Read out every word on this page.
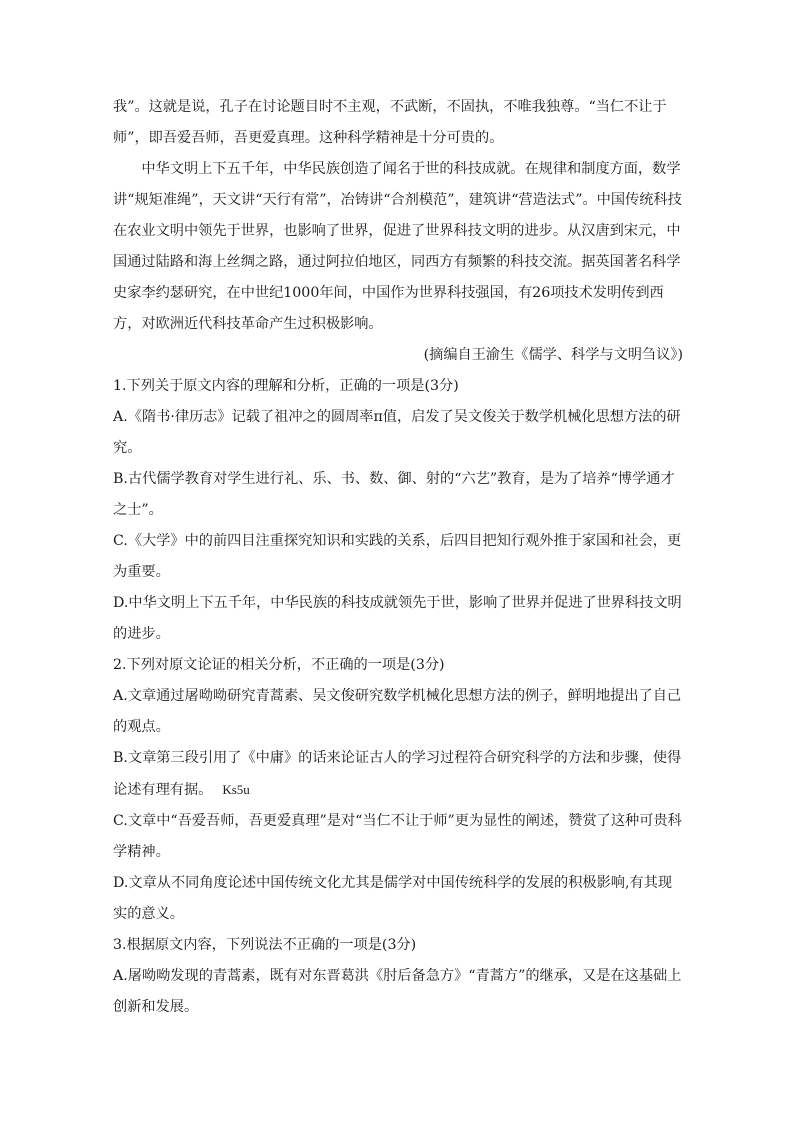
我”。这就是说，孔子在讨论题目时不主观，不武断，不固执，不唯我独尊。“当仁不让于师”，即吾爱吾师，吾更爱真理。这种科学精神是十分可贵的。

中华文明上下五千年，中华民族创造了闻名于世的科技成就。在规律和制度方面，数学讲“规矩准绳”，天文讲“天行有常”，冶铸讲“合剂模范”，建筑讲“营造法式”。中国传统科技在农业文明中领先于世界，也影响了世界，促进了世界科技文明的进步。从汉唐到宋元，中国通过陆路和海上丝绸之路，通过阿拉伯地区，同西方有频繁的科技交流。据英国著名科学史家李约瑟研究，在中世纪1000年间，中国作为世界科技强国，有26项技术发明传到西方，对欧洲近代科技革命产生过积极影响。

(摘编自王渝生《儒学、科学与文明刍议》)

1.下列关于原文内容的理解和分析，正确的一项是(3分)

A.《隋书·律历志》记载了祖冲之的圆周率π值，启发了吴文俊关于数学机械化思想方法的研究。

B.古代儒学教育对学生进行礼、乐、书、数、御、射的“六艺”教育，是为了培养“博学通才之士”。

C.《大学》中的前四目注重探究知识和实践的关系，后四目把知行观外推于家国和社会，更为重要。

D.中华文明上下五千年，中华民族的科技成就领先于世，影响了世界并促进了世界科技文明的进步。

2.下列对原文论证的相关分析，不正确的一项是(3分)

A.文章通过屠呦呦研究青蒿素、吴文俊研究数学机械化思想方法的例子，鲜明地提出了自己的观点。

B.文章第三段引用了《中庸》的话来论证古人的学习过程符合研究科学的方法和步骤，使得论述有理有据。 Ks5u

C.文章中“吾爱吾师，吾更爱真理”是对“当仁不让于师”更为显性的阐述，赞赏了这种可贵科学精神。

D.文章从不同角度论述中国传统文化尤其是儒学对中国传统科学的发展的积极影响,有其现实的意义。

3.根据原文内容，下列说法不正确的一项是(3分)

A.屠呦呦发现的青蒿素，既有对东晋葛洪《肘后备急方》“青蒿方”的继承，又是在这基础上创新和发展。
